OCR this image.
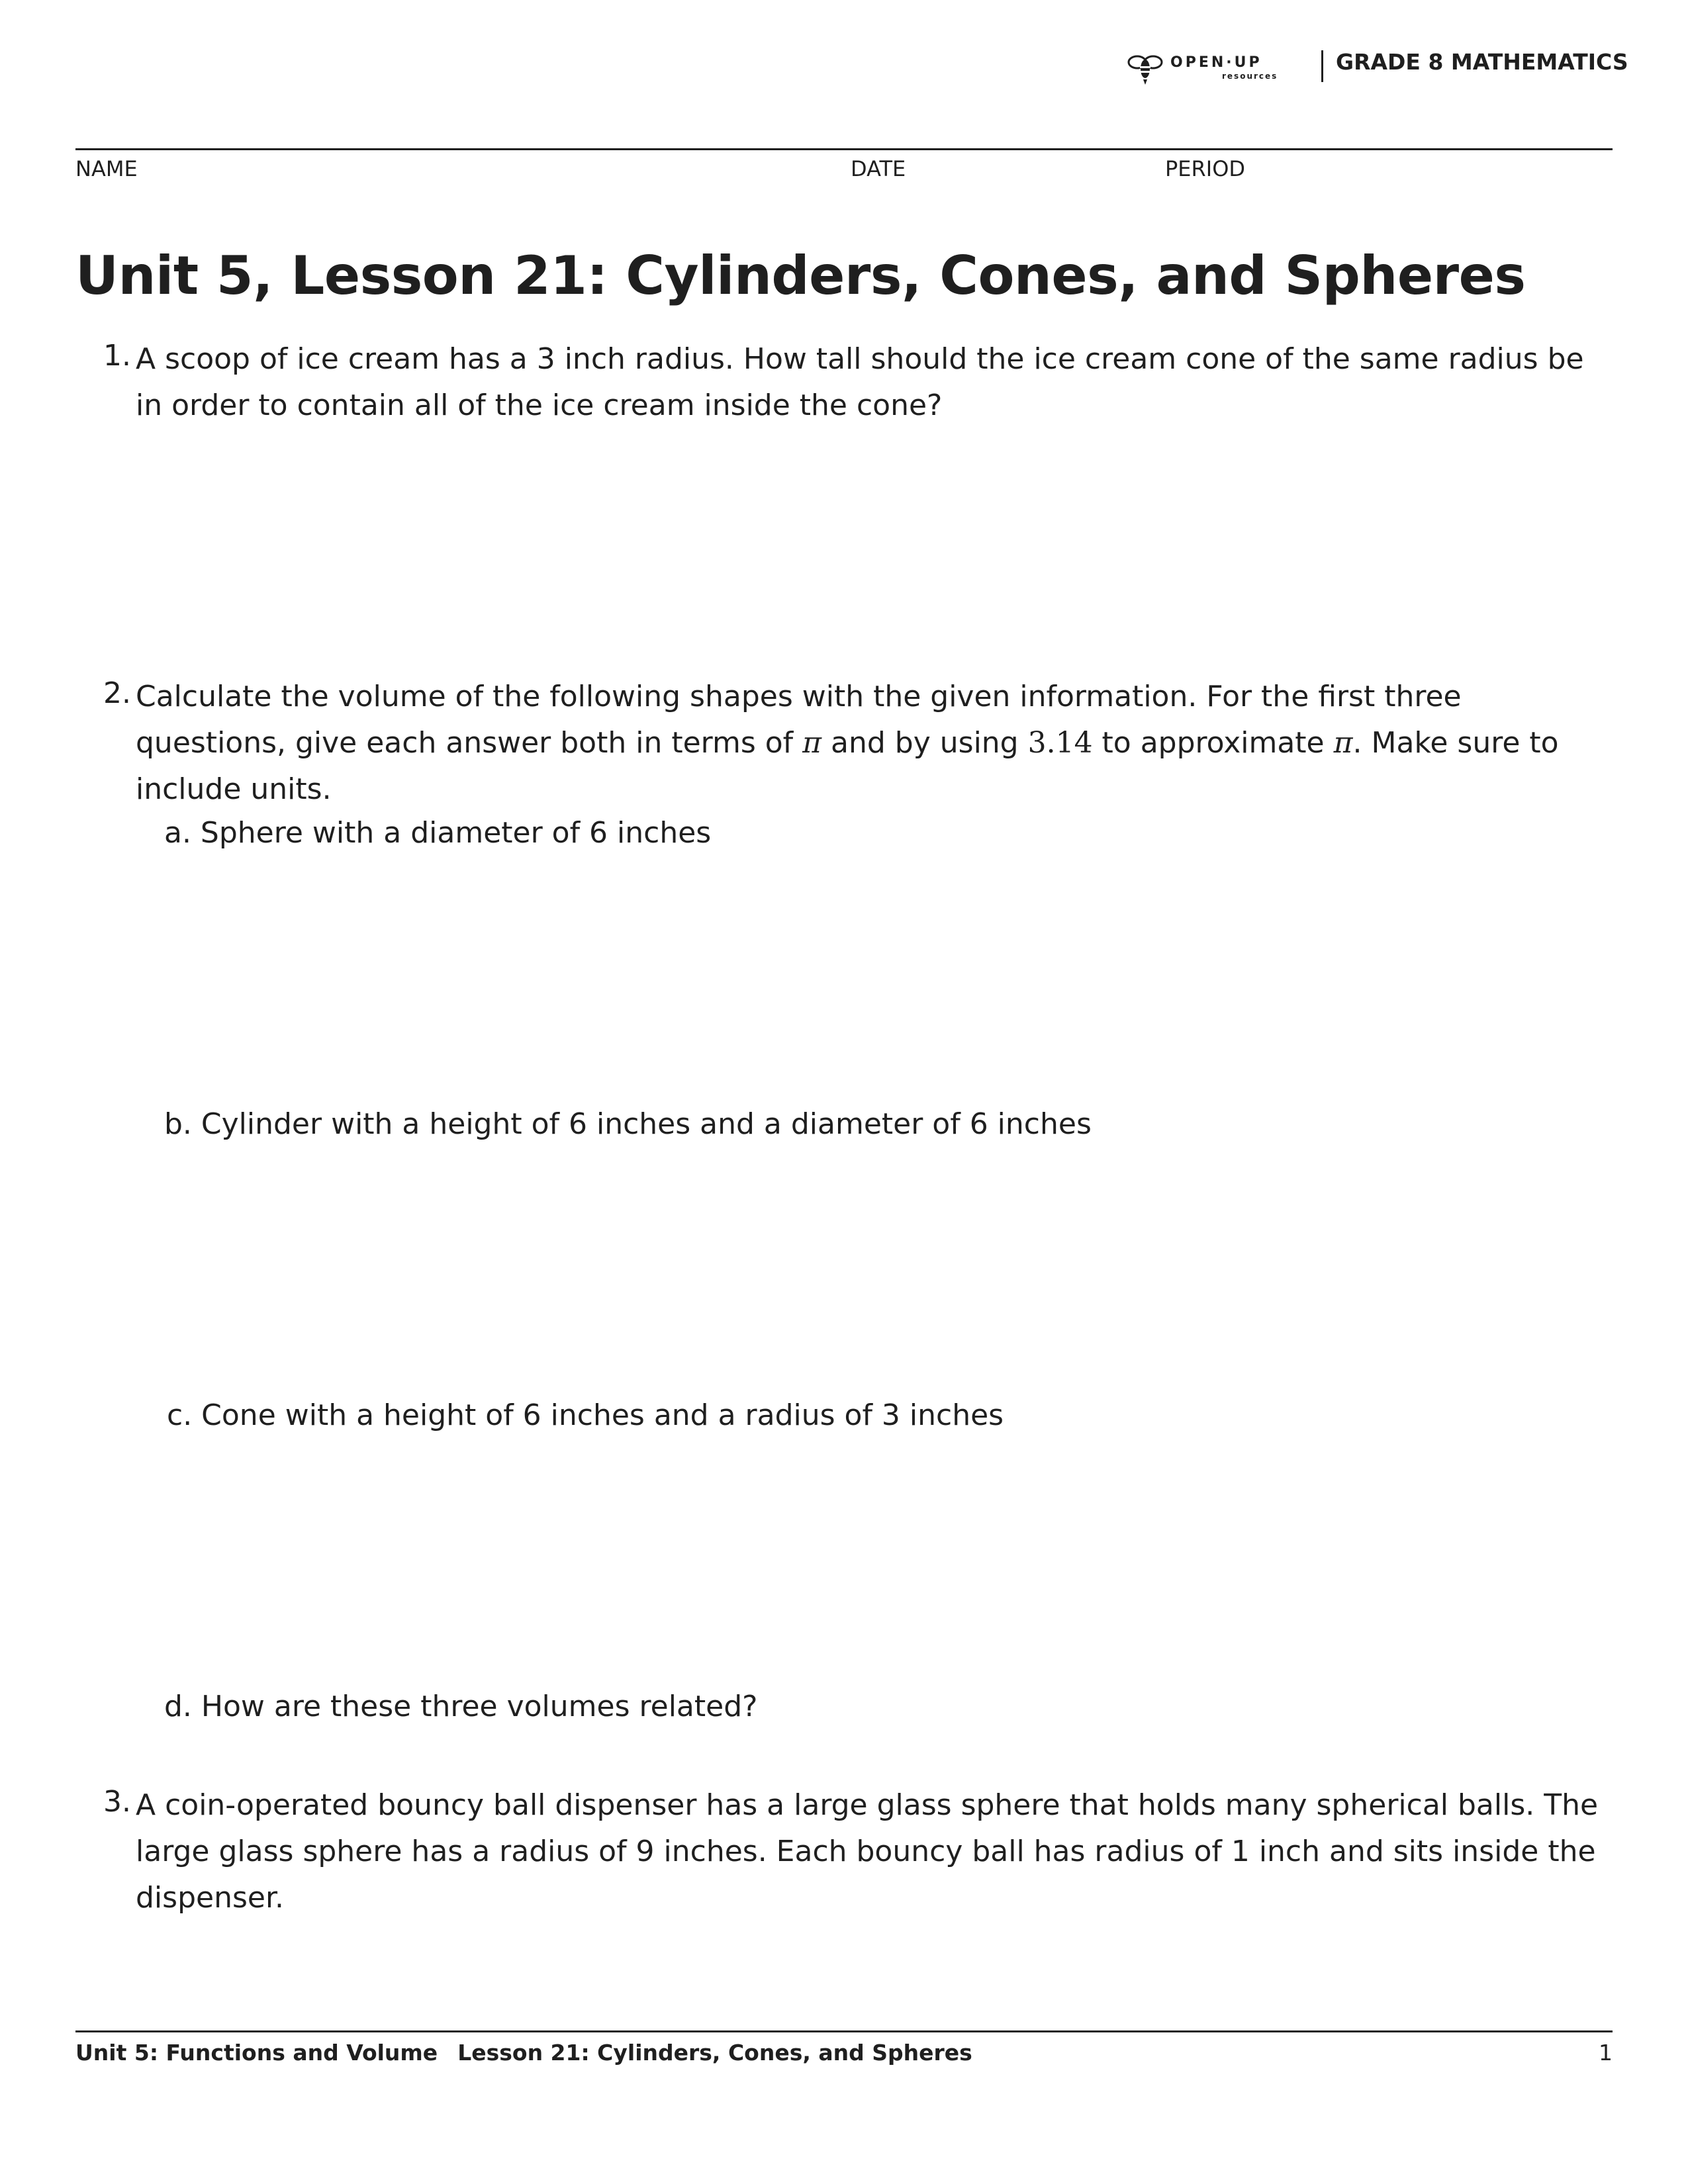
OPEN·UP
resources
GRADE 8 MATHEMATICS
NAME	DATE	PERIOD
Unit 5, Lesson 21: Cylinders, Cones, and Spheres
1. A scoop of ice cream has a 3 inch radius. How tall should the ice cream cone of the same radius be in order to contain all of the ice cream inside the cone?
2. Calculate the volume of the following shapes with the given information. For the first three questions, give each answer both in terms of π and by using 3.14 to approximate π. Make sure to include units.
a. Sphere with a diameter of 6 inches
b. Cylinder with a height of 6 inches and a diameter of 6 inches
c. Cone with a height of 6 inches and a radius of 3 inches
d. How are these three volumes related?
3. A coin-operated bouncy ball dispenser has a large glass sphere that holds many spherical balls. The large glass sphere has a radius of 9 inches. Each bouncy ball has radius of 1 inch and sits inside the dispenser.
Unit 5: Functions and Volume Lesson 21: Cylinders, Cones, and Spheres	1
